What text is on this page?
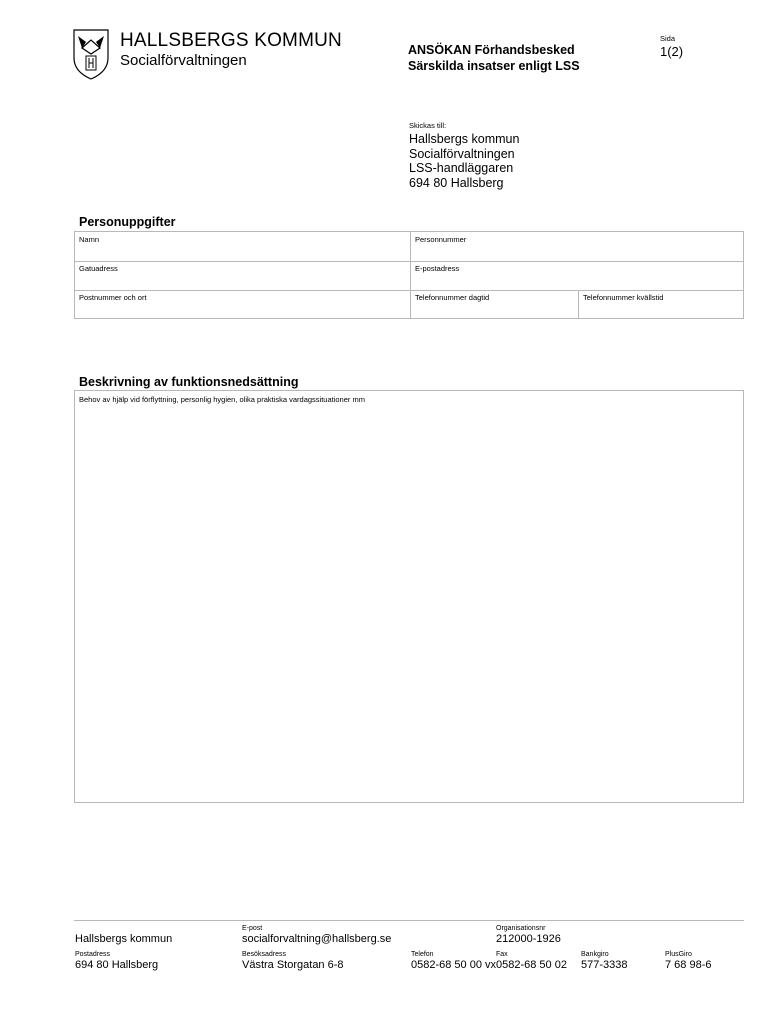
HALLSBERGS KOMMUN
Socialförvaltningen
ANSÖKAN Förhandsbesked
Särskilda insatser enligt LSS
Sida
1(2)
Skickas till:
Hallsbergs kommun
Socialförvaltningen
LSS-handläggaren
694 80 Hallsberg
Personuppgifter
Namn	Personnummer
Gatuadress	E-postadress
Postnummer och ort	Telefonnummer dagtid	Telefonnummer kvällstid
Beskrivning av funktionsnedsättning
Behov av hjälp vid förflyttning, personlig hygien, olika praktiska vardagssituationer mm
Hallsbergs kommun
E-post
socialforvaltning@hallsberg.se
Organisationsnr
212000-1926
Postadress
694 80 Hallsberg
Besöksadress
Västra Storgatan 6-8
Telefon
0582-68 50 00 vx
Fax
0582-68 50 02
Bankgiro
577-3338
PlusGiro
7 68 98-6
